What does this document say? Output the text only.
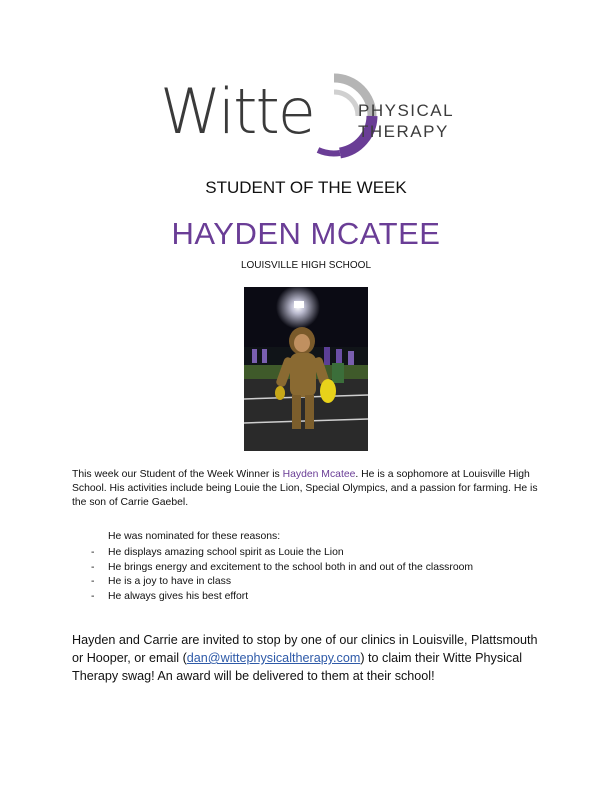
Witte	PHYSICAL
THERAPY
STUDENT OF THE WEEK
HAYDEN MCATEE
LOUISVILLE HIGH SCHOOL
This week our Student of the Week Winner is Hayden Mcatee. He is a sophomore at Louisville High School. His activities include being Louie the Lion, Special Olympics, and a passion for farming. He is the son of Carrie Gaebel.
He was nominated for these reasons:
- He displays amazing school spirit as Louie the Lion
- He brings energy and excitement to the school both in and out of the classroom
- He is a joy to have in class
- He always gives his best effort
Hayden and Carrie are invited to stop by one of our clinics in Louisville, Plattsmouth or Hooper, or email (dan@wittephysicaltherapy.com) to claim their Witte Physical Therapy swag! An award will be delivered to them at their school!
